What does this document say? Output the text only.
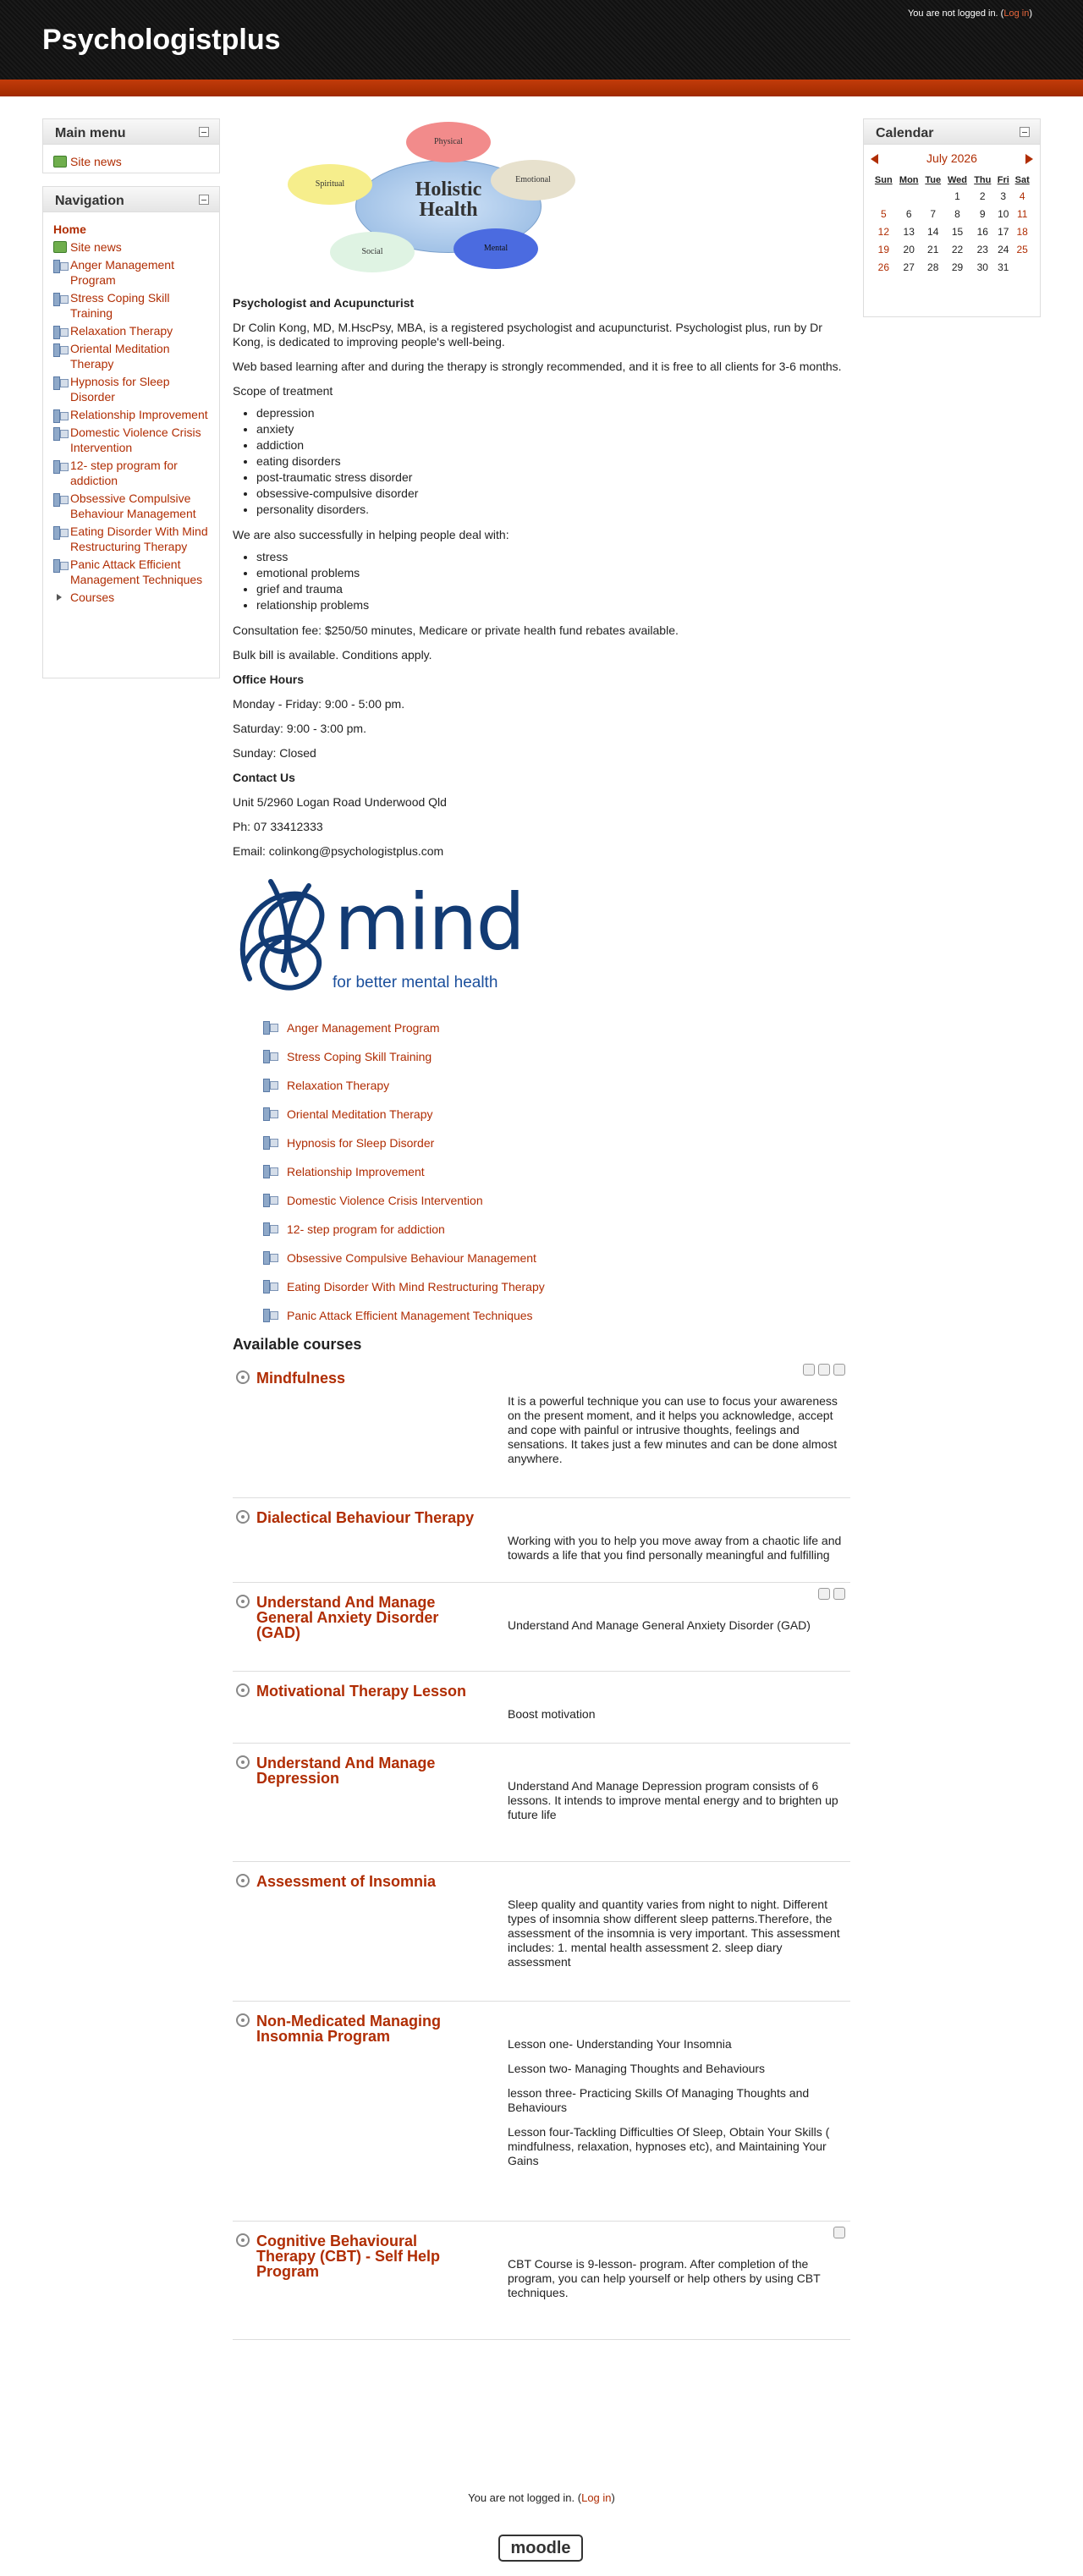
Psychologistplus
You are not logged in. (Log in)
Main menu
Site news
Navigation
Home
Site news
Anger Management Program
Stress Coping Skill Training
Relaxation Therapy
Oriental Meditation Therapy
Hypnosis for Sleep Disorder
Relationship Improvement
Domestic Violence Crisis Intervention
12- step program for addiction
Obsessive Compulsive Behaviour Management
Eating Disorder With Mind Restructuring Therapy
Panic Attack Efficient Management Techniques
Courses
Calendar
July 2026
Sun	Mon	Tue	Wed	Thu	Fri	Sat
			1	2	3	4
5	6	7	8	9	10	11
12	13	14	15	16	17	18
19	20	21	22	23	24	25
26	27	28	29	30	31	
Holistic
Health
Physical
Spiritual	Emotional
Social	Mental

Psychologist and Acupuncturist

Dr Colin Kong, MD, M.HscPsy, MBA, is a registered psychologist and acupuncturist. Psychologist plus, run by Dr Kong, is dedicated to improving people's well-being.

Web based learning after and during the therapy is strongly recommended, and it is free to all clients for 3-6 months.

Scope of treatment

• depression
• anxiety
• addiction
• eating disorders
• post-traumatic stress disorder
• obsessive-compulsive disorder
• personality disorders.

We are also successfully in helping people deal with:

• stress
• emotional problems
• grief and trauma
• relationship problems

Consultation fee: $250/50 minutes, Medicare or private health fund rebates available.

Bulk bill is available. Conditions apply.

Office Hours

Monday - Friday: 9:00 - 5:00 pm.

Saturday: 9:00 - 3:00 pm.

Sunday: Closed

Contact Us

Unit 5/2960 Logan Road Underwood Qld

Ph: 07 33412333

Email: colinkong@psychologistplus.com

mind
for better mental health
Anger Management Program
Stress Coping Skill Training
Relaxation Therapy
Oriental Meditation Therapy
Hypnosis for Sleep Disorder
Relationship Improvement
Domestic Violence Crisis Intervention
12- step program for addiction
Obsessive Compulsive Behaviour Management
Eating Disorder With Mind Restructuring Therapy
Panic Attack Efficient Management Techniques
Available courses
Mindfulness

It is a powerful technique you can use to focus your awareness on the present moment, and it helps you acknowledge, accept and cope with painful or intrusive thoughts, feelings and sensations. It takes just a few minutes and can be done almost anywhere.

Dialectical Behaviour Therapy

Working with you to help you move away from a chaotic life and towards a life that you find personally meaningful and fulfilling

Understand And Manage General Anxiety Disorder (GAD)	Understand And Manage General Anxiety Disorder (GAD)

Motivational Therapy Lesson

Boost motivation

Understand And Manage Depression	Understand And Manage Depression program consists of 6 lessons. It intends to improve mental energy and to brighten up future life

Assessment of Insomnia

Sleep quality and quantity varies from night to night. Different types of insomnia show different sleep patterns.Therefore, the assessment of the insomnia is very important. This assessment includes: 1. mental health assessment 2. sleep diary assessment

Non-Medicated Managing Insomnia Program	Lesson one- Understanding Your Insomnia

Lesson two- Managing Thoughts and Behaviours

lesson three- Practicing Skills Of Managing Thoughts and Behaviours

Lesson four-Tackling Difficulties Of Sleep, Obtain Your Skills ( mindfulness, relaxation, hypnoses etc), and Maintaining Your Gains

Cognitive Behavioural Therapy (CBT) - Self Help Program	CBT Course is 9-lesson- program. After completion of the program, you can help yourself or help others by using CBT techniques.

You are not logged in. (Log in)
moodle
